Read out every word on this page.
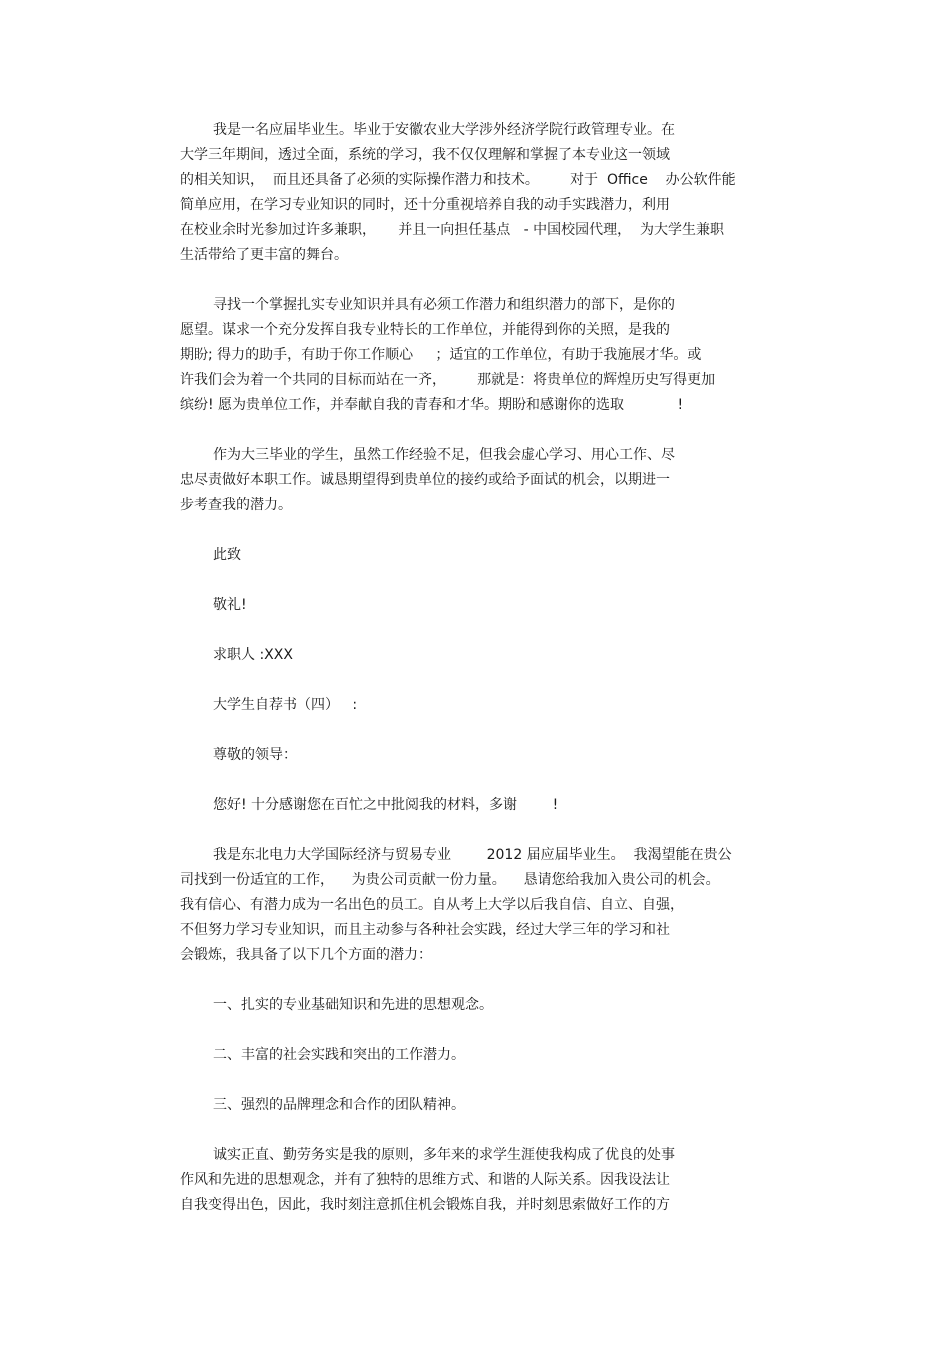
我是一名应届毕业生。毕业于安徽农业大学涉外经济学院行政管理专业。在
大学三年期间，透过全面，系统的学习，我不仅仅理解和掌握了本专业这一领域
的相关知识，  而且还具备了必须的实际操作潜力和技术。       对于  Office    办公软件能
简单应用，在学习专业知识的同时，还十分重视培养自我的动手实践潜力，利用
在校业余时光参加过许多兼职，     并且一向担任基点   - 中国校园代理，  为大学生兼职
生活带给了更丰富的舞台。
寻找一个掌握扎实专业知识并具有必须工作潜力和组织潜力的部下，是你的
愿望。谋求一个充分发挥自我专业特长的工作单位，并能得到你的关照，是我的
期盼; 得力的助手，有助于你工作顺心     ；适宜的工作单位，有助于我施展才华。或
许我们会为着一个共同的目标而站在一齐，       那就是：将贵单位的辉煌历史写得更加
缤纷! 愿为贵单位工作，并奉献自我的青春和才华。期盼和感谢你的选取            !
作为大三毕业的学生，虽然工作经验不足，但我会虚心学习、用心工作、尽
忠尽责做好本职工作。诚恳期望得到贵单位的接约或给予面试的机会，以期进一
步考查我的潜力。
此致
敬礼!
求职人 :XXX
大学生自荐书（四）   :
尊敬的领导：
您好! 十分感谢您在百忙之中批阅我的材料，多谢        !
我是东北电力大学国际经济与贸易专业        2012 届应届毕业生。  我渴望能在贵公
司找到一份适宜的工作，    为贵公司贡献一份力量。    恳请您给我加入贵公司的机会。
我有信心、有潜力成为一名出色的员工。自从考上大学以后我自信、自立、自强，
不但努力学习专业知识，而且主动参与各种社会实践，经过大学三年的学习和社
会锻炼，我具备了以下几个方面的潜力：
一、扎实的专业基础知识和先进的思想观念。
二、丰富的社会实践和突出的工作潜力。
三、强烈的品牌理念和合作的团队精神。
诚实正直、勤劳务实是我的原则，多年来的求学生涯使我构成了优良的处事
作风和先进的思想观念，并有了独特的思维方式、和谐的人际关系。因我设法让
自我变得出色，因此，我时刻注意抓住机会锻炼自我，并时刻思索做好工作的方
